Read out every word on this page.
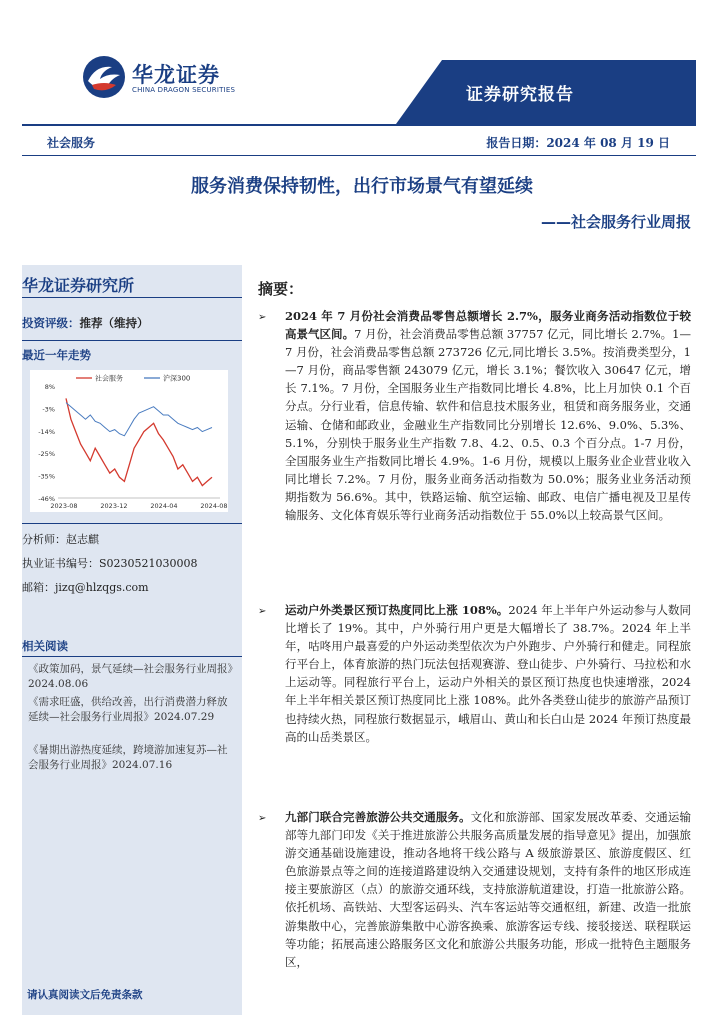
华龙证券
CHINA DRAGON SECURITIES	证券研究报告
社会服务	报告日期：2024 年 08 月 19 日
服务消费保持韧性，出行市场景气有望延续
——社会服务行业周报
华龙证券研究所
投资评级：推荐（维持）
最近一年走势
8%
-3%
-14%
-25%
-35%
-46%
2023-08	2023-12	2024-04	2024-08
社会服务	沪深300
分析师：赵志麒
执业证书编号：S0230521030008
邮箱：jizq@hlzqgs.com
相关阅读
《政策加码，景气延续—社会服务行业周报》2024.08.06
《需求旺盛，供给改善，出行消费潜力释放延续—社会服务行业周报》2024.07.29
《暑期出游热度延续，跨境游加速复苏—社会服务行业周报》2024.07.16
请认真阅读文后免责条款
摘要：
➢ 2024 年 7 月份社会消费品零售总额增长 2.7%，服务业商务活动指数位于较高景气区间。7 月份，社会消费品零售总额 37757 亿元，同比增长 2.7%。1—7 月份，社会消费品零售总额 273726 亿元,同比增长 3.5%。按消费类型分，1—7 月份，商品零售额 243079 亿元，增长 3.1%；餐饮收入 30647 亿元，增长 7.1%。7 月份，全国服务业生产指数同比增长 4.8%，比上月加快 0.1 个百分点。分行业看，信息传输、软件和信息技术服务业，租赁和商务服务业，交通运输、仓储和邮政业，金融业生产指数同比分别增长 12.6%、9.0%、5.3%、5.1%，分别快于服务业生产指数 7.8、4.2、0.5、0.3 个百分点。1-7 月份，全国服务业生产指数同比增长 4.9%。1-6 月份，规模以上服务业企业营业收入同比增长 7.2%。7 月份，服务业商务活动指数为 50.0%；服务业业务活动预期指数为 56.6%。其中，铁路运输、航空运输、邮政、电信广播电视及卫星传输服务、文化体育娱乐等行业商务活动指数位于 55.0%以上较高景气区间。
➢ 运动户外类景区预订热度同比上涨 108%。2024 年上半年户外运动参与人数同比增长了 19%。其中，户外骑行用户更是大幅增长了 38.7%。2024 年上半年，咕咚用户最喜爱的户外运动类型依次为户外跑步、户外骑行和健走。同程旅行平台上，体育旅游的热门玩法包括观赛游、登山徒步、户外骑行、马拉松和水上运动等。同程旅行平台上，运动户外相关的景区预订热度也快速增涨，2024 年上半年相关景区预订热度同比上涨 108%。此外各类登山徒步的旅游产品预订也持续火热，同程旅行数据显示，峨眉山、黄山和长白山是 2024 年预订热度最高的山岳类景区。
➢ 九部门联合完善旅游公共交通服务。文化和旅游部、国家发展改革委、交通运输部等九部门印发《关于推进旅游公共服务高质量发展的指导意见》提出，加强旅游交通基础设施建设，推动各地将干线公路与 A 级旅游景区、旅游度假区、红色旅游景点等之间的连接道路建设纳入交通建设规划，支持有条件的地区形成连接主要旅游区（点）的旅游交通环线，支持旅游航道建设，打造一批旅游公路。依托机场、高铁站、大型客运码头、汽车客运站等交通枢纽，新建、改造一批旅游集散中心，完善旅游集散中心游客换乘、旅游客运专线、接驳接送、联程联运等功能；拓展高速公路服务区文化和旅游公共服务功能，形成一批特色主题服务区，
